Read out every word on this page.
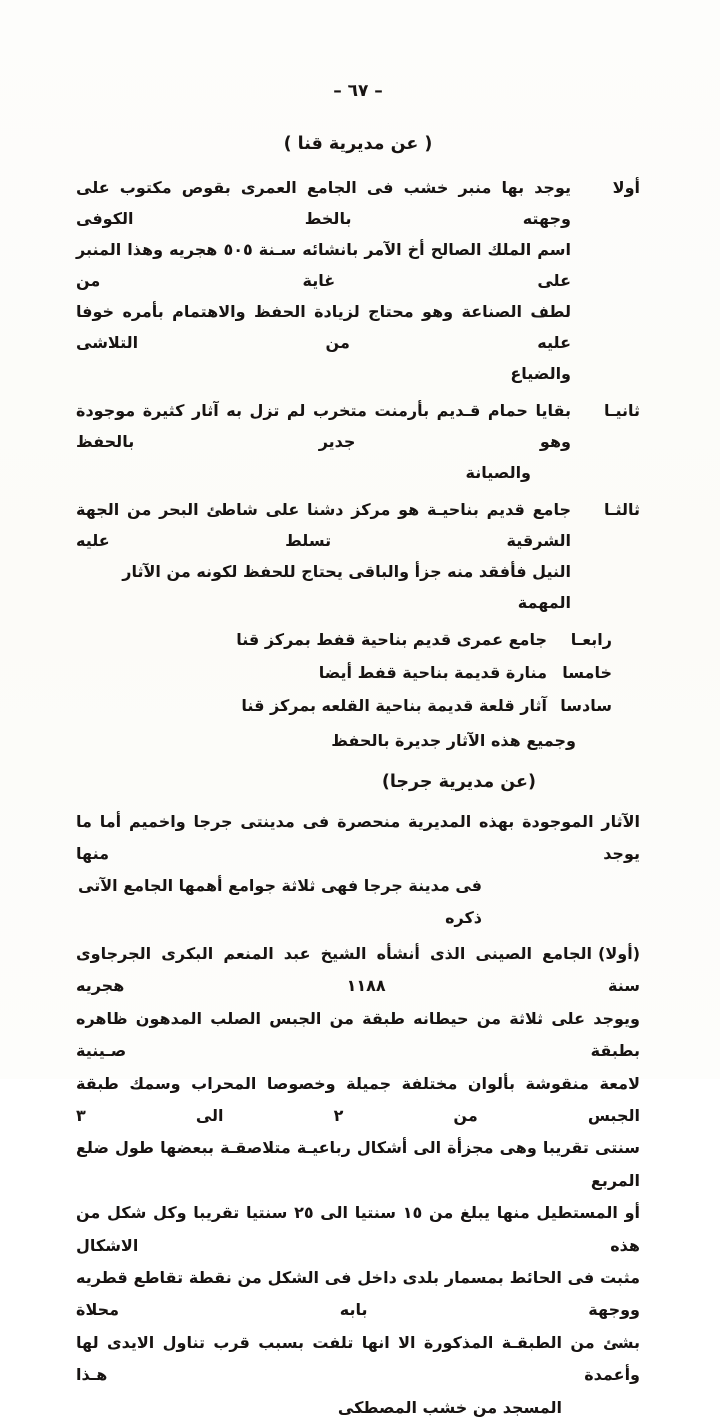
– ٦٧ –
( عن مديرية قنا )
أولا
يوجد بها منبر خشب فى الجامع العمرى بقوص مكتوب على وجهته بالخط الكوفى
اسم الملك الصالح أخ الآمر بانشائه سـنة ٥٠٥ هجريه وهذا المنبر على غاية من
لطف الصناعة وهو محتاج لزيادة الحفظ والاهتمام بأمره خوفا عليه من التلاشى
والضياع
ثانيـا
بقايا حمام قـديم بأرمنت متخرب لم تزل به آثار كثيرة موجودة وهو جدير بالحفظ
والصيانة
ثالثـا
جامع قديم بناحيـة هو مركز دشنا على شاطئ البحر من الجهة الشرقية تسلط عليه
النيل فأفقد منه جزأ والباقى يحتاج للحفظ لكونه من الآثار المهمة
رابعـا
جامع عمرى قديم بناحية قفط بمركز قنا
خامسا
منارة قديمة بناحية قفط أيضا
سادسا
آثار قلعة قديمة بناحية القلعه بمركز قنا
وجميع هذه الآثار جديرة بالحفظ
(عن مديرية جرجا)
الآثار الموجودة بهذه المديرية منحصرة فى مدينتى جرجا واخميم أما ما يوجد منها
فى مدينة جرجا فهى ثلاثة جوامع أهمها الجامع الآتى ذكره
(أولا)الجامع الصينى الذى أنشأه الشيخ عبد المنعم البكرى الجرجاوى سنة ١١٨٨ هجريه
ويوجد على ثلاثة من حيطانه طبقة من الجبس الصلب المدهون ظاهره بطبقة صـينية
لامعة منقوشة بألوان مختلفة جميلة وخصوصا المحراب وسمك طبقة الجبس من ٢ الى ٣
سنتى تقريبا وهى مجزأة الى أشكال رباعيـة متلاصقـة ببعضها طول ضلع المربع
أو المستطيل منها يبلغ من ١٥ سنتيا الى ٢٥ سنتيا تقريبا وكل شكل من هذه الاشكال
مثبت فى الحائط بمسمار بلدى داخل فى الشكل من نقطة تقاطع قطريه ووجهة بابه محلاة
بشئ من الطبقـة المذكورة الا انها تلفت بسبب قرب تناول الايدى لها وأعمدة هـذا
المسجد من خشب المصطكى
